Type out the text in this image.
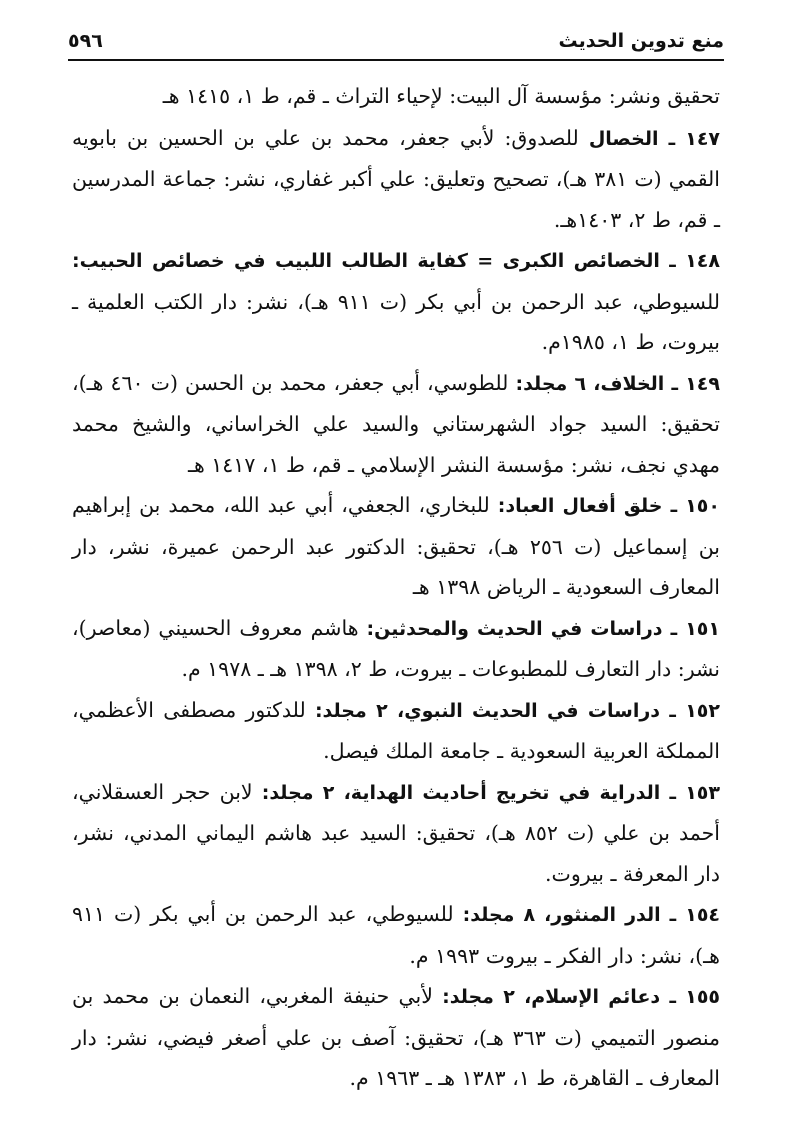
منع تدوين الحديث
٥٩٦

تحقيق ونشر: مؤسسة آل البيت: لإحياء التراث ـ قم، ط ١، ١٤١٥ هـ

١٤٧ ـ الخصال للصدوق: لأبي جعفر، محمد بن علي بن الحسين بن بابويه القمي (ت ٣٨١ هـ)، تصحيح وتعليق: علي أكبر غفاري، نشر: جماعة المدرسين ـ قم، ط ٢، ١٤٠٣هـ.

١٤٨ ـ الخصائص الكبرى = كفاية الطالب اللبيب في خصائص الحبيب: للسيوطي، عبد الرحمن بن أبي بكر (ت ٩١١ هـ)، نشر: دار الكتب العلمية ـ بيروت، ط ١، ١٩٨٥م.

١٤٩ ـ الخلاف، ٦ مجلد: للطوسي، أبي جعفر، محمد بن الحسن (ت ٤٦٠ هـ)، تحقيق: السيد جواد الشهرستاني والسيد علي الخراساني، والشيخ محمد مهدي نجف، نشر: مؤسسة النشر الإسلامي ـ قم، ط ١، ١٤١٧ هـ

١٥٠ ـ خلق أفعال العباد: للبخاري، الجعفي، أبي عبد الله، محمد بن إبراهيم بن إسماعيل (ت ٢٥٦ هـ)، تحقيق: الدكتور عبد الرحمن عميرة، نشر، دار المعارف السعودية ـ الرياض ١٣٩٨ هـ

١٥١ ـ دراسات في الحديث والمحدثين: هاشم معروف الحسيني (معاصر)، نشر: دار التعارف للمطبوعات ـ بيروت، ط ٢، ١٣٩٨ هـ ـ ١٩٧٨ م.

١٥٢ ـ دراسات في الحديث النبوي، ٢ مجلد: للدكتور مصطفى الأعظمي، المملكة العربية السعودية ـ جامعة الملك فيصل.

١٥٣ ـ الدراية في تخريج أحاديث الهداية، ٢ مجلد: لابن حجر العسقلاني، أحمد بن علي (ت ٨٥٢ هـ)، تحقيق: السيد عبد هاشم اليماني المدني، نشر، دار المعرفة ـ بيروت.

١٥٤ ـ الدر المنثور، ٨ مجلد: للسيوطي، عبد الرحمن بن أبي بكر (ت ٩١١ هـ)، نشر: دار الفكر ـ بيروت ١٩٩٣ م.

١٥٥ ـ دعائم الإسلام، ٢ مجلد: لأبي حنيفة المغربي، النعمان بن محمد بن منصور التميمي (ت ٣٦٣ هـ)، تحقيق: آصف بن علي أصغر فيضي، نشر: دار المعارف ـ القاهرة، ط ١، ١٣٨٣ هـ ـ ١٩٦٣ م.
